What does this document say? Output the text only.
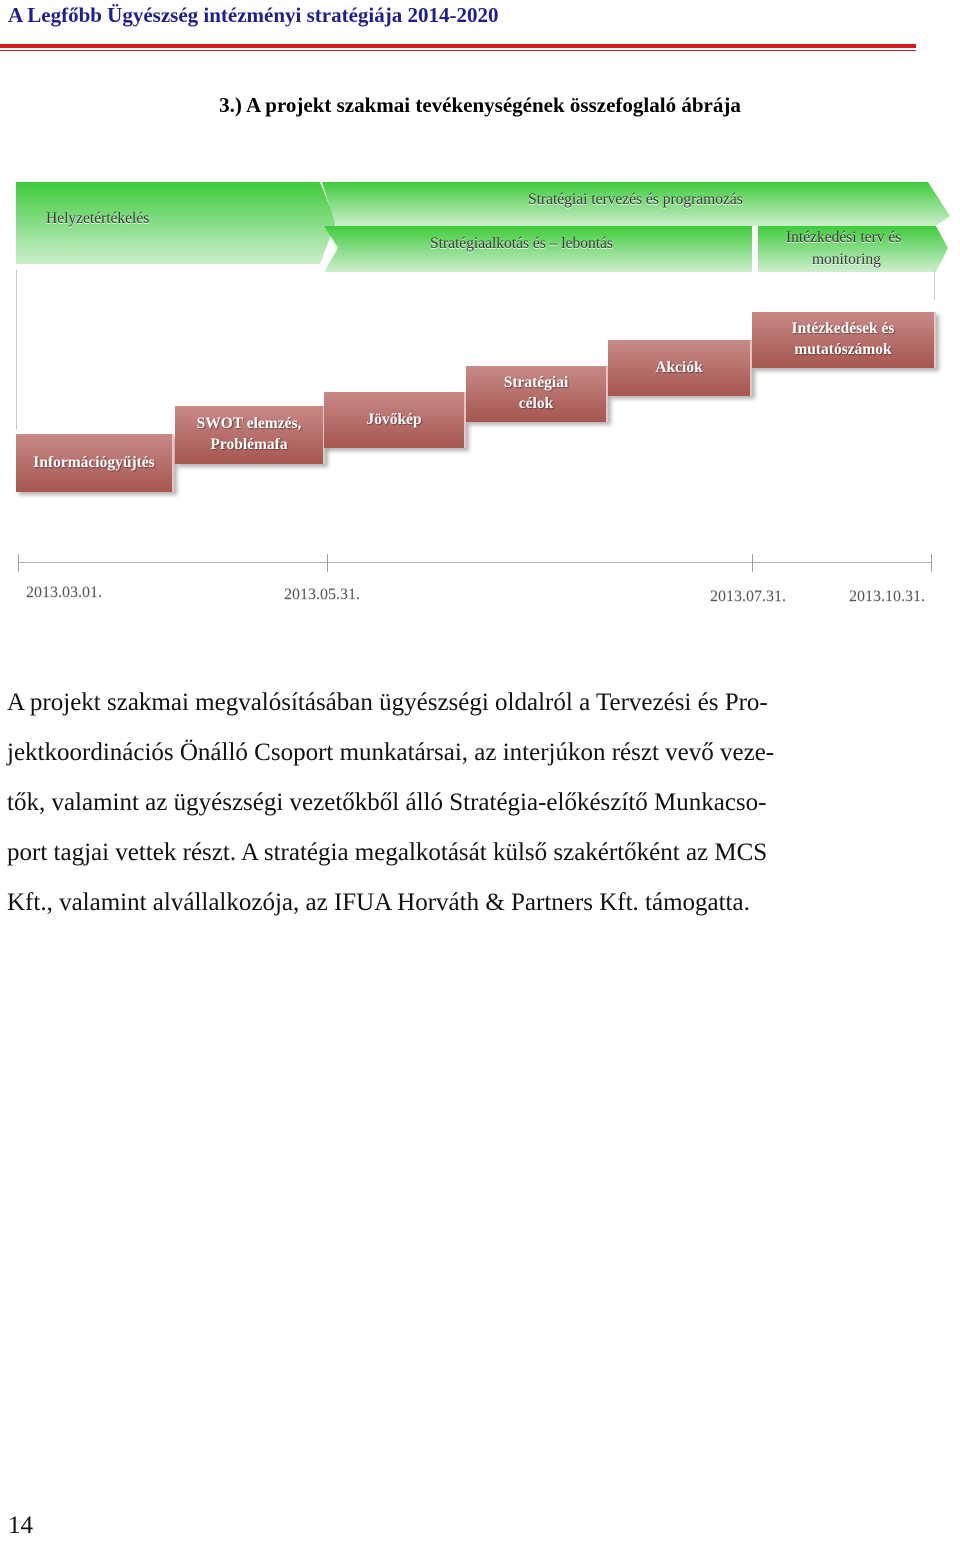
A Legfőbb Ügyészség intézményi stratégiája 2014-2020
3.) A projekt szakmai tevékenységének összefoglaló ábrája
Helyzetértékelés
Stratégiai tervezés és programozás
Stratégiaalkotás és – lebontás	Intézkedési terv és
monitoring
Információgyűjtés
SWOT elemzés,
Problémafa
Jövőkép
Stratégiai
célok
Akciók
Intézkedések és
mutatószámok
2013.03.01.	2013.05.31.	2013.07.31.	2013.10.31.
A projekt szakmai megvalósításában ügyészségi oldalról a Tervezési és Pro-
jektkoordinációs Önálló Csoport munkatársai, az interjúkon részt vevő veze-
tők, valamint az ügyészségi vezetőkből álló Stratégia-előkészítő Munkacso-
port tagjai vettek részt. A stratégia megalkotását külső szakértőként az MCS
Kft., valamint alvállalkozója, az IFUA Horváth & Partners Kft. támogatta.
14
